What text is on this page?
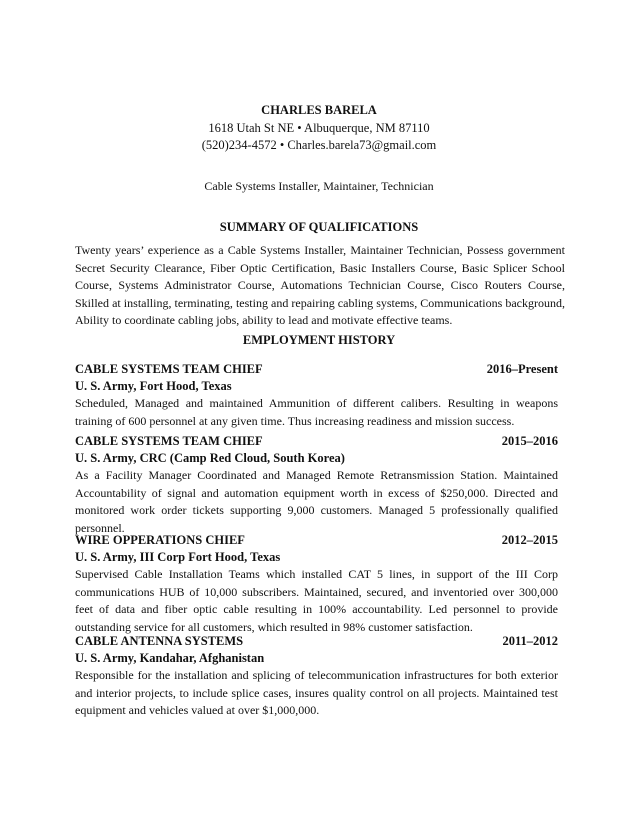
CHARLES BARELA
1618 Utah St NE • Albuquerque, NM 87110
(520)234-4572 • Charles.barela73@gmail.com
Cable Systems Installer, Maintainer, Technician
SUMMARY OF QUALIFICATIONS
Twenty years’ experience as a Cable Systems Installer, Maintainer Technician, Possess government Secret Security Clearance, Fiber Optic Certification, Basic Installers Course, Basic Splicer School Course, Systems Administrator Course, Automations Technician Course, Cisco Routers Course, Skilled at installing, terminating, testing and repairing cabling systems, Communications background, Ability to coordinate cabling jobs, ability to lead and motivate effective teams.
EMPLOYMENT HISTORY
CABLE SYSTEMS TEAM CHIEF	2016–Present
U. S. Army, Fort Hood, Texas
Scheduled, Managed and maintained Ammunition of different calibers. Resulting in weapons training of 600 personnel at any given time. Thus increasing readiness and mission success.
CABLE SYSTEMS TEAM CHIEF	2015–2016
U. S. Army, CRC (Camp Red Cloud, South Korea)
As a Facility Manager Coordinated and Managed Remote Retransmission Station. Maintained Accountability of signal and automation equipment worth in excess of $250,000. Directed and monitored work order tickets supporting 9,000 customers. Managed 5 professionally qualified personnel.
WIRE OPPERATIONS CHIEF	2012–2015
U. S. Army, III Corp Fort Hood, Texas
Supervised Cable Installation Teams which installed CAT 5 lines, in support of the III Corp communications HUB of 10,000 subscribers. Maintained, secured, and inventoried over 300,000 feet of data and fiber optic cable resulting in 100% accountability. Led personnel to provide outstanding service for all customers, which resulted in 98% customer satisfaction.
CABLE ANTENNA SYSTEMS	2011–2012
U. S. Army, Kandahar, Afghanistan
Responsible for the installation and splicing of telecommunication infrastructures for both exterior and interior projects, to include splice cases, insures quality control on all projects. Maintained test equipment and vehicles valued at over $1,000,000.
